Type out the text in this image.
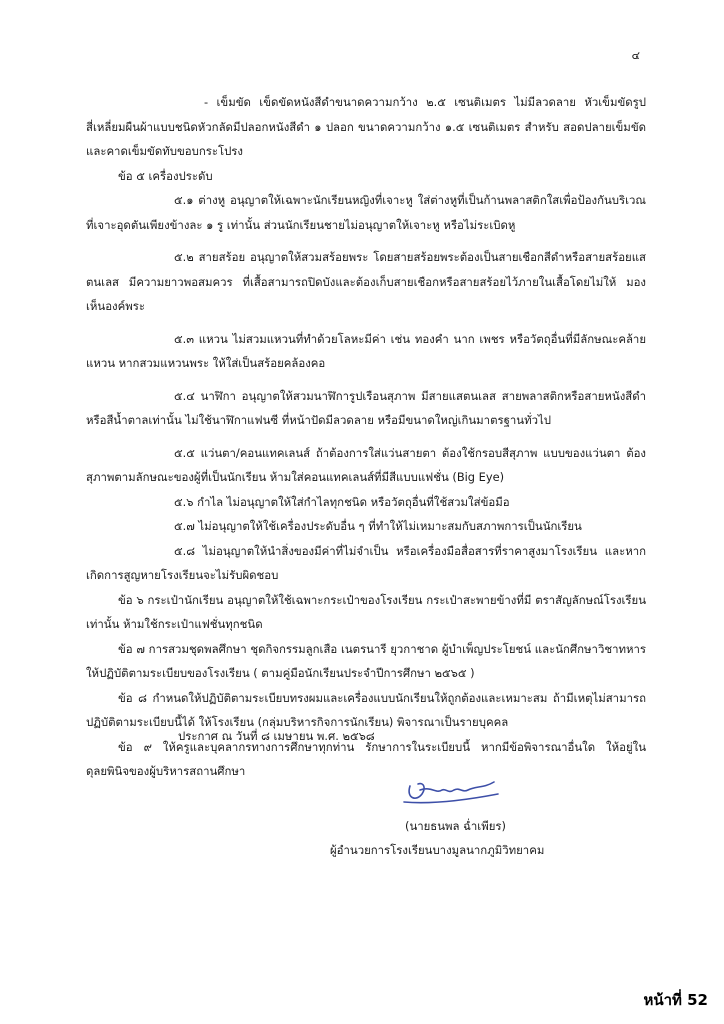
๔

- เข็มขัด เข็ดขัดหนังสีดำขนาดความกว้าง ๒.๕ เซนติเมตร ไม่มีลวดลาย หัวเข็มขัดรูปสี่เหลี่ยมผืนผ้าแบบชนิดหัวกลัดมีปลอกหนังสีดำ ๑ ปลอก ขนาดความกว้าง ๑.๕ เซนติเมตร สำหรับ สอดปลายเข็มขัด และคาดเข็มขัดทับขอบกระโปรง

ข้อ ๕ เครื่องประดับ

๕.๑ ต่างหู อนุญาตให้เฉพาะนักเรียนหญิงที่เจาะหู ใส่ต่างหูที่เป็นก้านพลาสติกใสเพื่อป้องกันบริเวณที่เจาะอุดตันเพียงข้างละ ๑ รู เท่านั้น ส่วนนักเรียนชายไม่อนุญาตให้เจาะหู หรือไม่ระเบิดหู

๕.๒ สายสร้อย อนุญาตให้สวมสร้อยพระ โดยสายสร้อยพระต้องเป็นสายเชือกสีดำหรือสายสร้อยแสตนเลส มีความยาวพอสมควร ที่เสื้อสามารถปิดบังและต้องเก็บสายเชือกหรือสายสร้อยไว้ภายในเสื้อโดยไม่ให้ มองเห็นองค์พระ

๕.๓ แหวน ไม่สวมแหวนที่ทำด้วยโลหะมีค่า เช่น ทองคำ นาก เพชร หรือวัตถุอื่นที่มีลักษณะคล้ายแหวน หากสวมแหวนพระ ให้ใส่เป็นสร้อยคล้องคอ

๕.๔ นาฬิกา อนุญาตให้สวมนาฬิการูปเรือนสุภาพ มีสายแสตนเลส สายพลาสติกหรือสายหนังสีดำหรือสีน้ำตาลเท่านั้น ไม่ใช้นาฬิกาแฟนซี ที่หน้าปัดมีลวดลาย หรือมีขนาดใหญ่เกินมาตรฐานทั่วไป

๕.๕ แว่นตา/คอนแทคเลนส์ ถ้าต้องการใส่แว่นสายตา ต้องใช้กรอบสีสุภาพ แบบของแว่นตา ต้องสุภาพตามลักษณะของผู้ที่เป็นนักเรียน ห้ามใส่คอนแทคเลนส์ที่มีสีแบบแฟชั่น (Big Eye)

๕.๖ กำไล ไม่อนุญาตให้ใส่กำไลทุกชนิด หรือวัตถุอื่นที่ใช้สวมใส่ข้อมือ

๕.๗ ไม่อนุญาตให้ใช้เครื่องประดับอื่น ๆ ที่ทำให้ไม่เหมาะสมกับสภาพการเป็นนักเรียน

๕.๘ ไม่อนุญาตให้นำสิ่งของมีค่าที่ไม่จำเป็น หรือเครื่องมือสื่อสารที่ราคาสูงมาโรงเรียน และหากเกิดการสูญหายโรงเรียนจะไม่รับผิดชอบ

ข้อ ๖ กระเป๋านักเรียน อนุญาตให้ใช้เฉพาะกระเป๋าของโรงเรียน กระเป๋าสะพายข้างที่มี ตราสัญลักษณ์โรงเรียนเท่านั้น ห้ามใช้กระเป๋าแฟชั่นทุกชนิด

ข้อ ๗ การสวมชุดพลศึกษา ชุดกิจกรรมลูกเสือ เนตรนารี ยุวกาชาด ผู้บำเพ็ญประโยชน์ และนักศึกษาวิชาทหาร ให้ปฏิบัติตามระเบียบของโรงเรียน ( ตามคู่มือนักเรียนประจำปีการศึกษา ๒๕๖๕ )

ข้อ ๘ กำหนดให้ปฏิบัติตามระเบียบทรงผมและเครื่องแบบนักเรียนให้ถูกต้องและเหมาะสม ถ้ามีเหตุไม่สามารถปฏิบัติตามระเบียบนี้ได้ ให้โรงเรียน (กลุ่มบริหารกิจการนักเรียน) พิจารณาเป็นรายบุคคล

ข้อ ๙ ให้ครูและบุคลากรทางการศึกษาทุกท่าน รักษาการในระเบียบนี้ หากมีข้อพิจารณาอื่นใด ให้อยู่ใน ดุลยพินิจของผู้บริหารสถานศึกษา

ประกาศ ณ วันที่ ๘ เมษายน พ.ศ. ๒๕๖๘
(นายธนพล ฉ่ำเพียร)
ผู้อำนวยการโรงเรียนบางมูลนากภูมิวิทยาคม
หน้าที่ 52
